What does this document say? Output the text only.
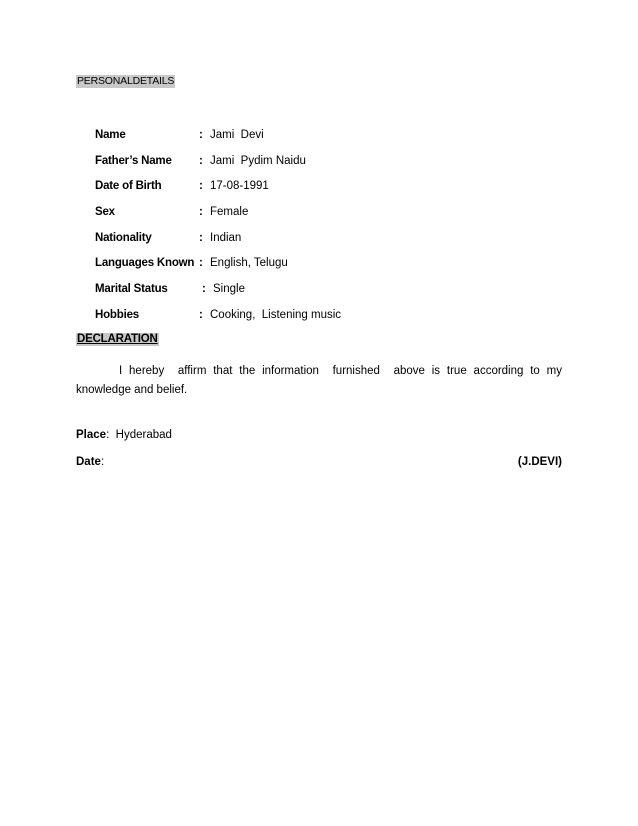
PERSONALDETAILS
Name	: Jami  Devi
Father’s Name : Jami  Pydim Naidu
Date of Birth	: 17-08-1991
Sex	: Female
Nationality	: Indian
Languages Known : English, Telugu
Marital Status	: Single
Hobbies	: Cooking,  Listening music
DECLARATION
I hereby  affirm that the information  furnished  above is true according to my  knowledge and belief.
Place: Hyderabad
Date:	(J.DEVI)
